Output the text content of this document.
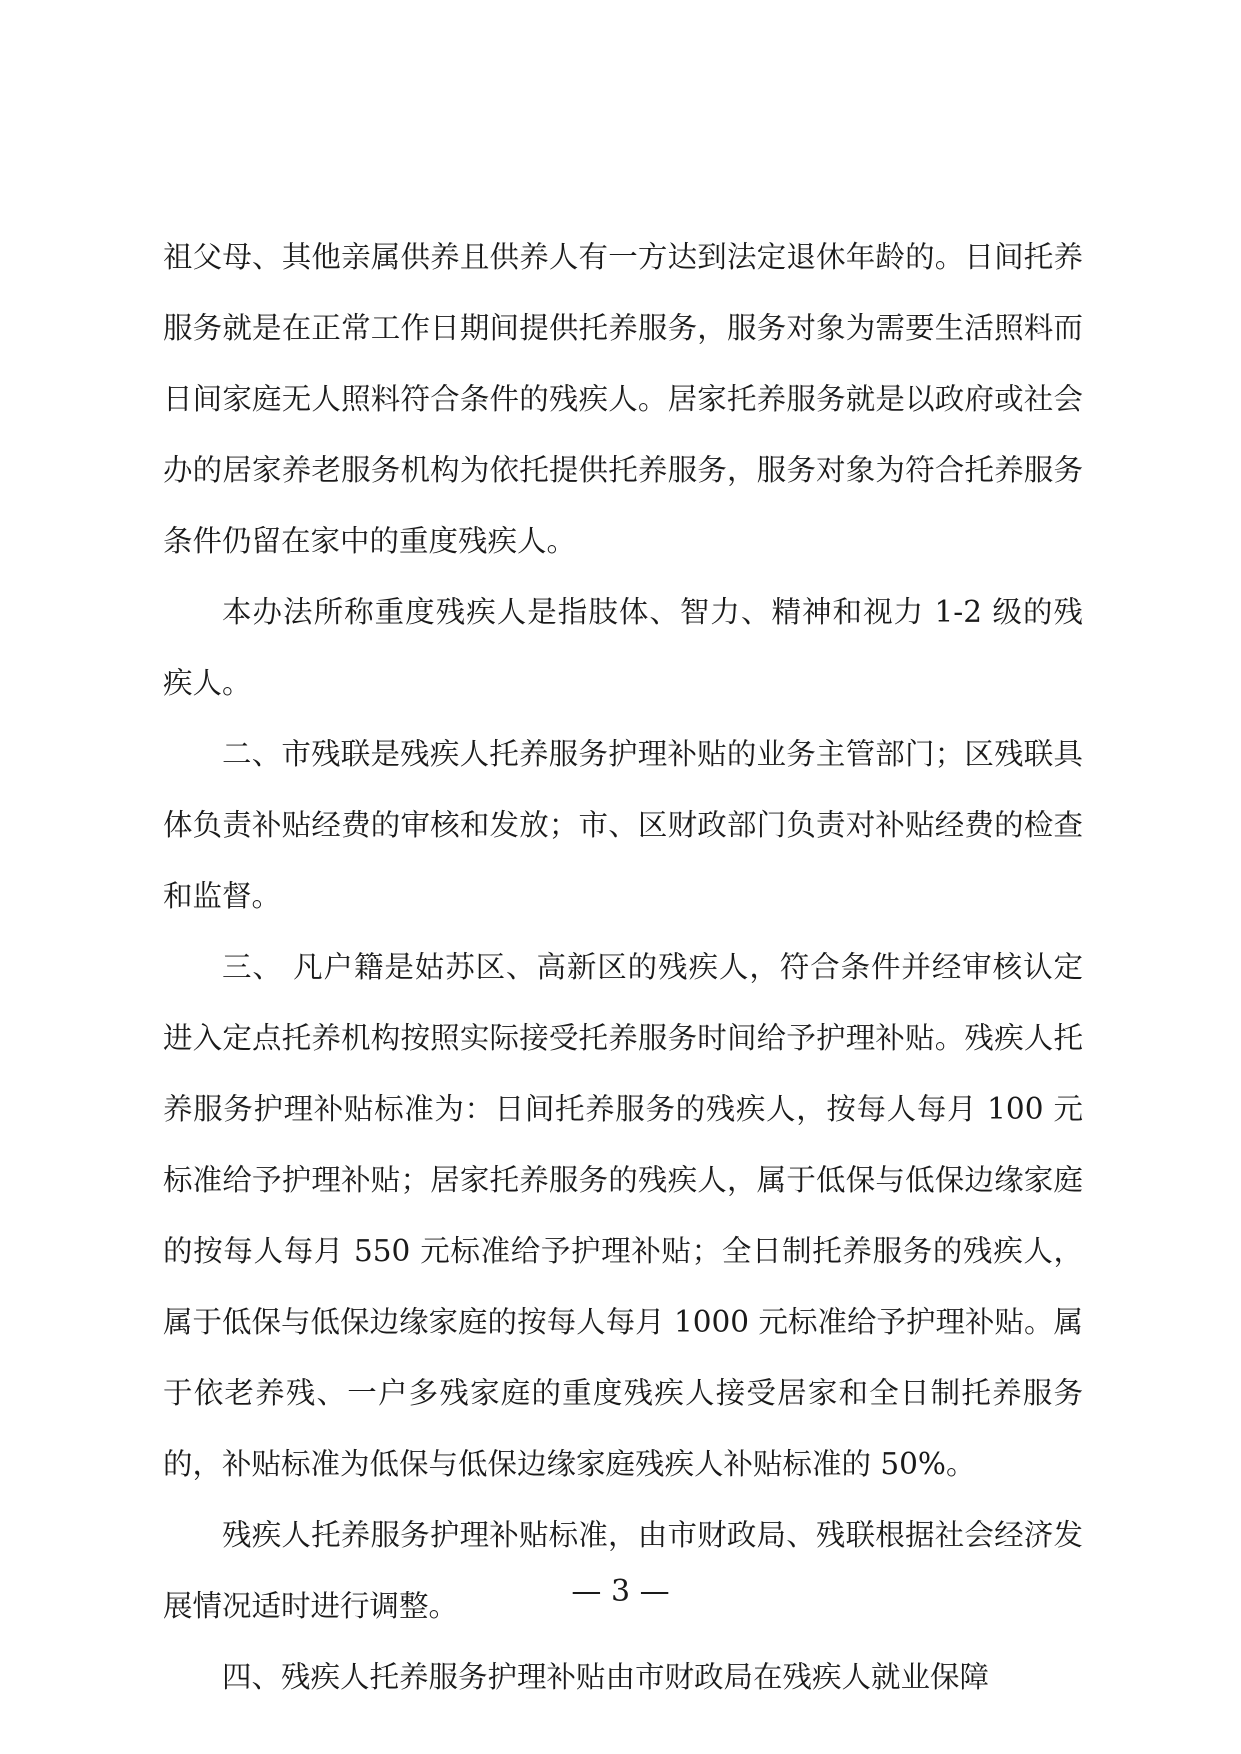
祖父母、其他亲属供养且供养人有一方达到法定退休年龄的。日间托养服务就是在正常工作日期间提供托养服务，服务对象为需要生活照料而日间家庭无人照料符合条件的残疾人。居家托养服务就是以政府或社会办的居家养老服务机构为依托提供托养服务，服务对象为符合托养服务条件仍留在家中的重度残疾人。

本办法所称重度残疾人是指肢体、智力、精神和视力 1-2 级的残疾人。

二、市残联是残疾人托养服务护理补贴的业务主管部门；区残联具体负责补贴经费的审核和发放；市、区财政部门负责对补贴经费的检查和监督。

三、 凡户籍是姑苏区、高新区的残疾人，符合条件并经审核认定进入定点托养机构按照实际接受托养服务时间给予护理补贴。残疾人托养服务护理补贴标准为：日间托养服务的残疾人，按每人每月 100 元标准给予护理补贴；居家托养服务的残疾人，属于低保与低保边缘家庭的按每人每月 550 元标准给予护理补贴；全日制托养服务的残疾人，属于低保与低保边缘家庭的按每人每月 1000 元标准给予护理补贴。属于依老养残、一户多残家庭的重度残疾人接受居家和全日制托养服务的，补贴标准为低保与低保边缘家庭残疾人补贴标准的 50%。

残疾人托养服务护理补贴标准，由市财政局、残联根据社会经济发展情况适时进行调整。

四、残疾人托养服务护理补贴由市财政局在残疾人就业保障

— 3 —
